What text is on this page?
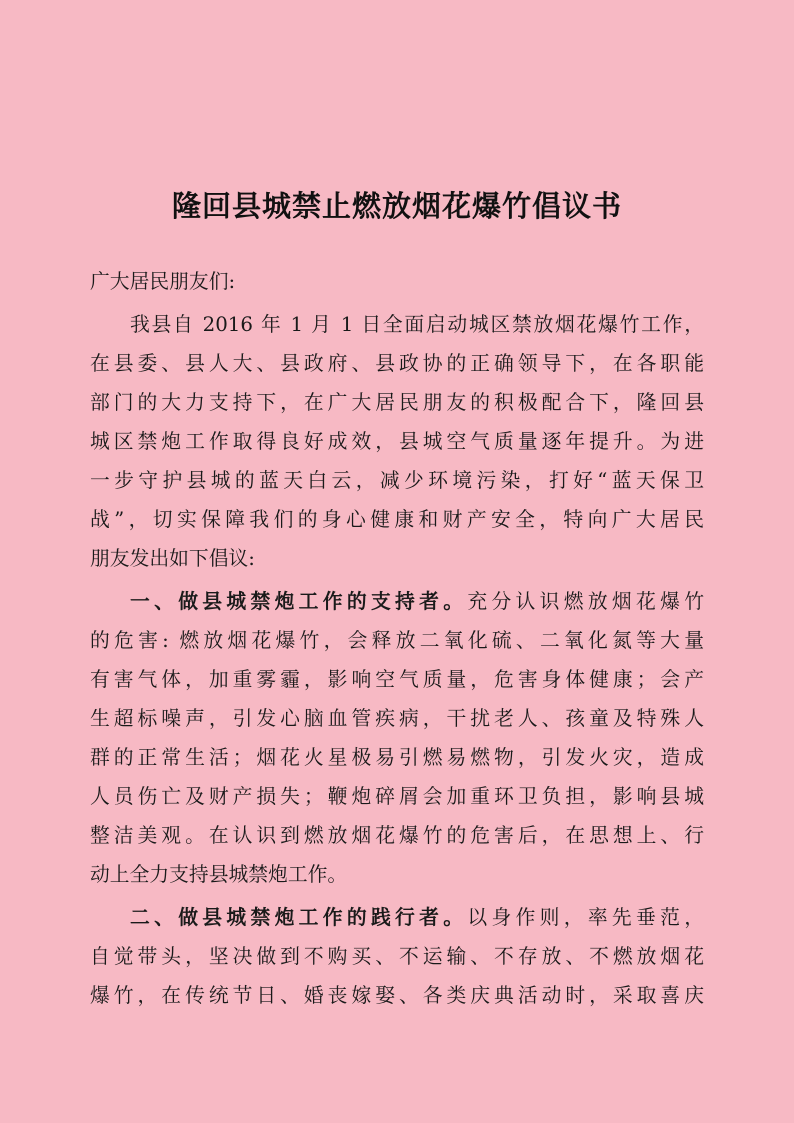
隆回县城禁止燃放烟花爆竹倡议书
广大居民朋友们:
我县自 2016 年 1 月 1 日全面启动城区禁放烟花爆竹工作，
在县委、县人大、县政府、县政协的正确领导下，在各职能
部门的大力支持下，在广大居民朋友的积极配合下，隆回县
城区禁炮工作取得良好成效，县城空气质量逐年提升。为进
一步守护县城的蓝天白云，减少环境污染，打好“蓝天保卫
战”，切实保障我们的身心健康和财产安全，特向广大居民
朋友发出如下倡议:
一、做县城禁炮工作的支持者。充分认识燃放烟花爆竹
的危害: 燃放烟花爆竹，会释放二氧化硫、二氧化氮等大量
有害气体，加重雾霾，影响空气质量，危害身体健康；会产
生超标噪声，引发心脑血管疾病，干扰老人、孩童及特殊人
群的正常生活；烟花火星极易引燃易燃物，引发火灾，造成
人员伤亡及财产损失；鞭炮碎屑会加重环卫负担，影响县城
整洁美观。在认识到燃放烟花爆竹的危害后，在思想上、行
动上全力支持县城禁炮工作。
二、做县城禁炮工作的践行者。以身作则，率先垂范，
自觉带头，坚决做到不购买、不运输、不存放、不燃放烟花
爆竹，在传统节日、婚丧嫁娶、各类庆典活动时，采取喜庆
